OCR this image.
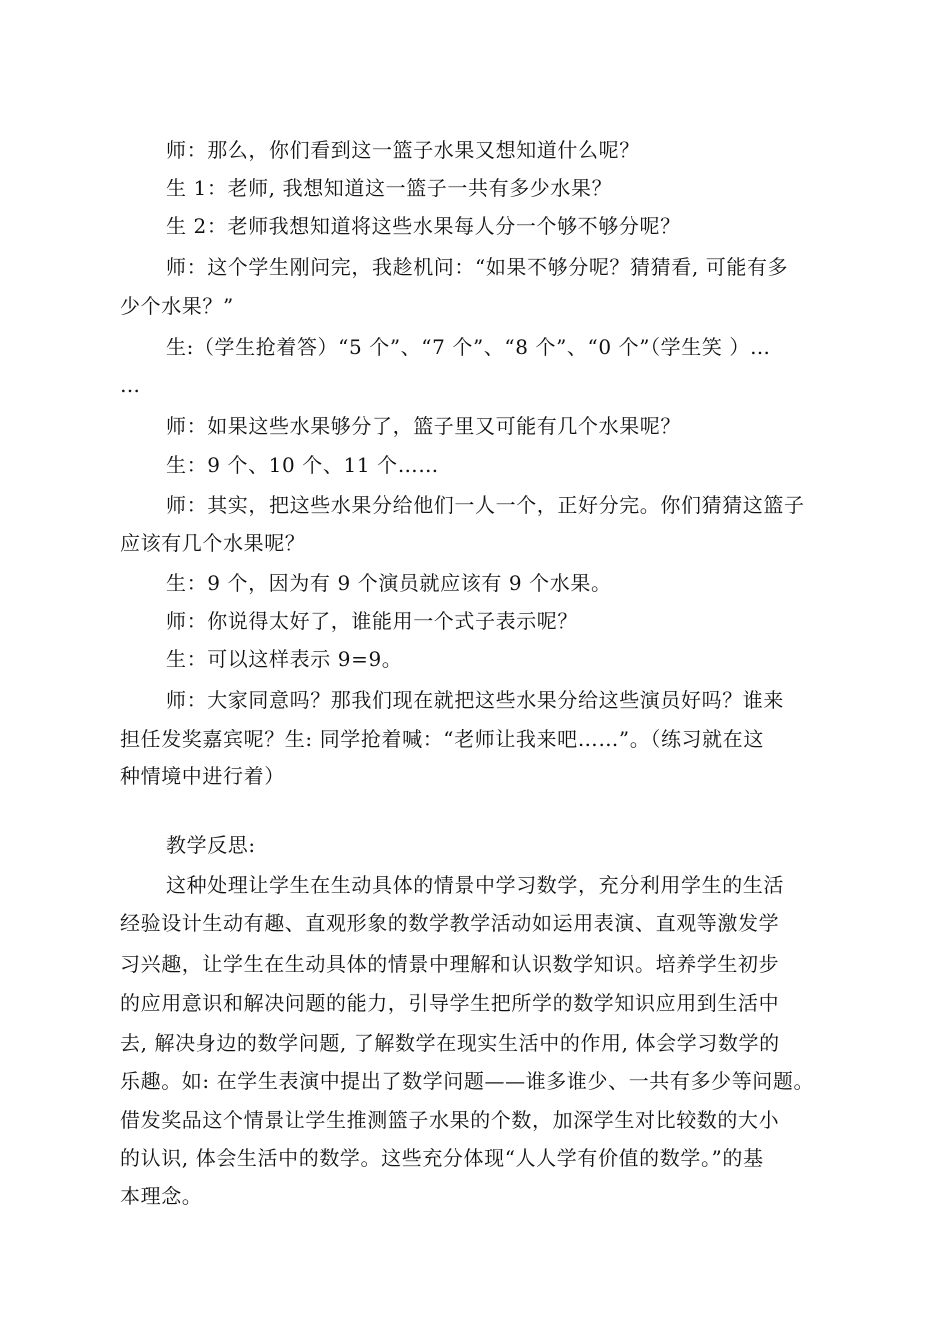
师：那么，你们看到这一篮子水果又想知道什么呢？
生 1：老师, 我想知道这一篮子一共有多少水果？
生 2：老师我想知道将这些水果每人分一个够不够分呢？
师：这个学生刚问完，我趁机问：“如果不够分呢？猜猜看, 可能有多
少个水果？”
生:（学生抢着答）“5 个”、“7 个”、“8 个”、“0 个”（学生笑 ）…
…
师：如果这些水果够分了，篮子里又可能有几个水果呢？
生：9 个、10 个、11 个……
师：其实，把这些水果分给他们一人一个，正好分完。你们猜猜这篮子
应该有几个水果呢？
生：9 个，因为有 9 个演员就应该有 9 个水果。
师：你说得太好了，谁能用一个式子表示呢？
生：可以这样表示 9=9。
师：大家同意吗？那我们现在就把这些水果分给这些演员好吗？谁来
担任发奖嘉宾呢？生: 同学抢着喊：“老师让我来吧……”。（练习就在这
种情境中进行着）
教学反思:
这种处理让学生在生动具体的情景中学习数学，充分利用学生的生活
经验设计生动有趣、直观形象的数学教学活动如运用表演、直观等激发学
习兴趣，让学生在生动具体的情景中理解和认识数学知识。培养学生初步
的应用意识和解决问题的能力，引导学生把所学的数学知识应用到生活中
去, 解决身边的数学问题, 了解数学在现实生活中的作用, 体会学习数学的
乐趣。如: 在学生表演中提出了数学问题——谁多谁少、一共有多少等问题。
借发奖品这个情景让学生推测篮子水果的个数，加深学生对比较数的大小
的认识, 体会生活中的数学。这些充分体现“人人学有价值的数学。”的基
本理念。
